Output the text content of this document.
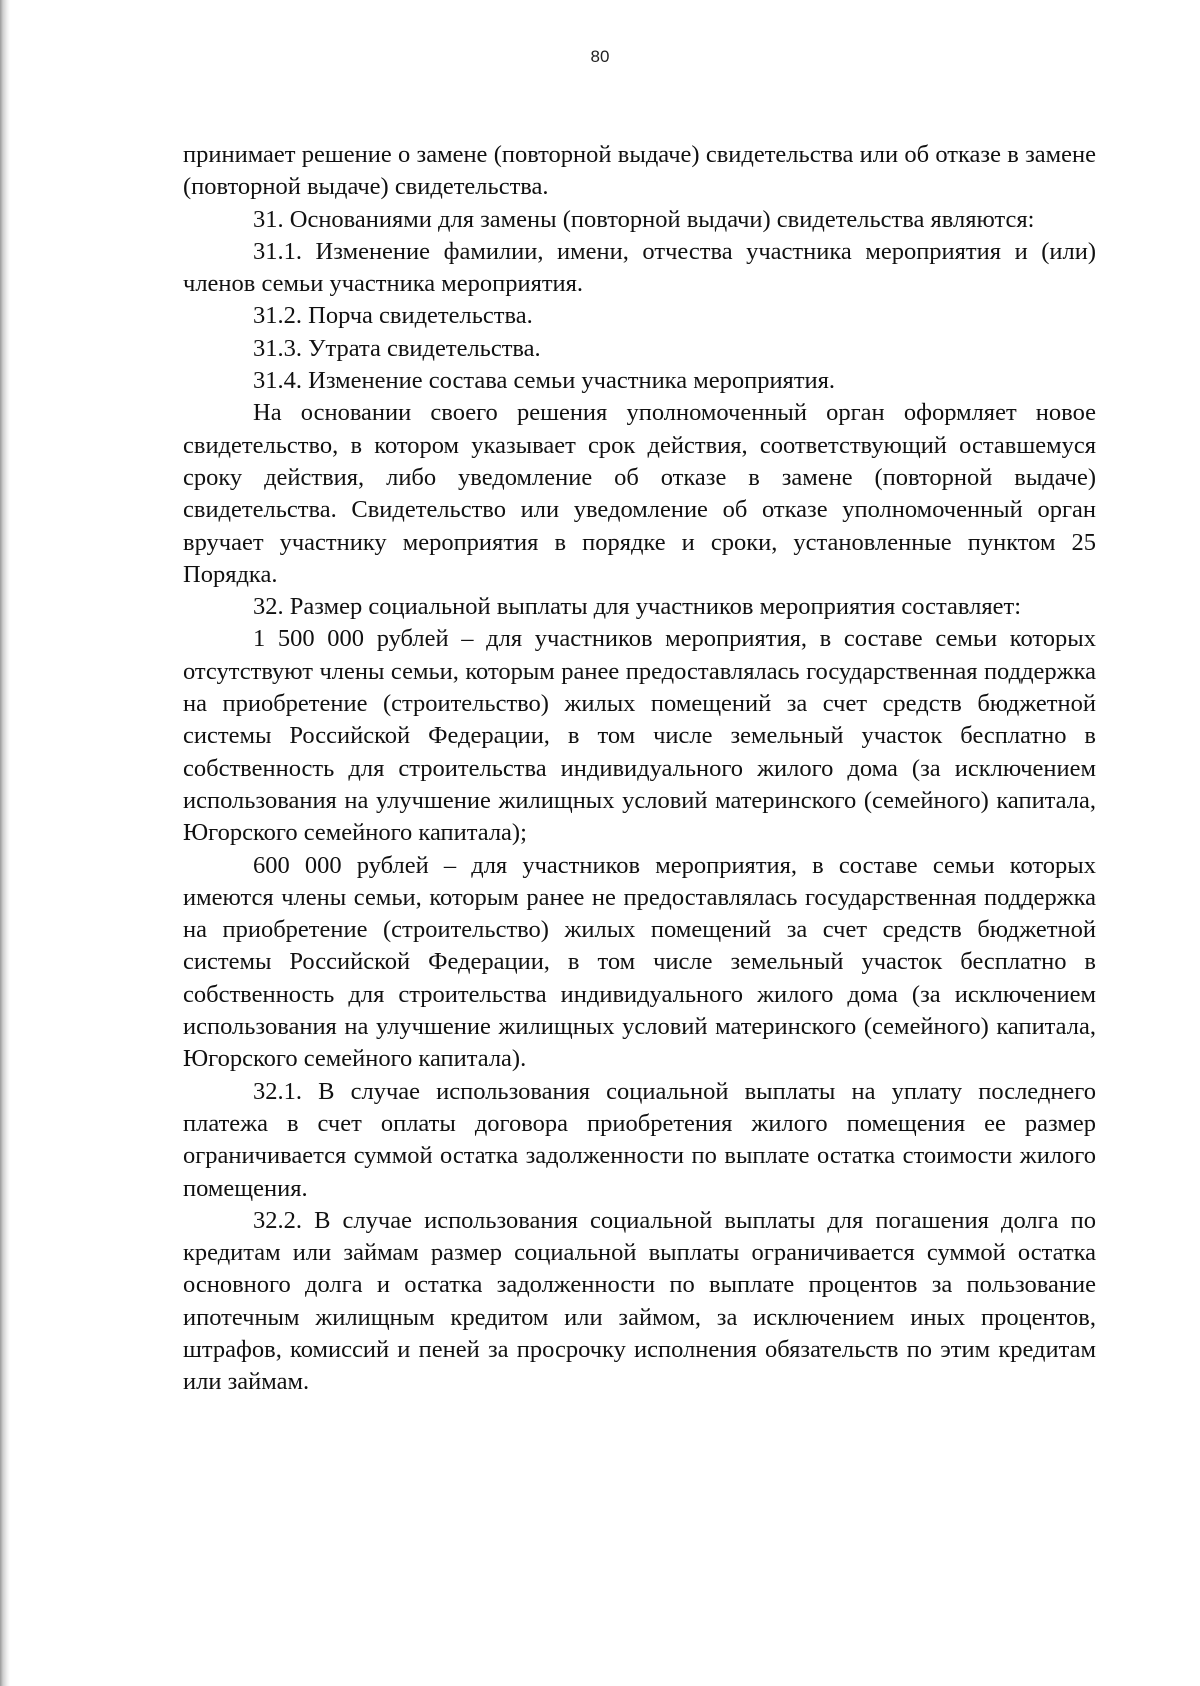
80

принимает решение о замене (повторной выдаче) свидетельства или об отказе в замене (повторной выдаче) свидетельства.

31. Основаниями для замены (повторной выдачи) свидетельства являются:

31.1. Изменение фамилии, имени, отчества участника мероприятия и (или) членов семьи участника мероприятия.

31.2. Порча свидетельства.

31.3. Утрата свидетельства.

31.4. Изменение состава семьи участника мероприятия.

На основании своего решения уполномоченный орган оформляет новое свидетельство, в котором указывает срок действия, соответствующий оставшемуся сроку действия, либо уведомление об отказе в замене (повторной выдаче) свидетельства. Свидетельство или уведомление об отказе уполномоченный орган вручает участнику мероприятия в порядке и сроки, установленные пунктом 25 Порядка.

32. Размер социальной выплаты для участников мероприятия составляет:

1 500 000 рублей – для участников мероприятия, в составе семьи которых отсутствуют члены семьи, которым ранее предоставлялась государственная поддержка на приобретение (строительство) жилых помещений за счет средств бюджетной системы Российской Федерации, в том числе земельный участок бесплатно в собственность для строительства индивидуального жилого дома (за исключением использования на улучшение жилищных условий материнского (семейного) капитала, Югорского семейного капитала);

600 000 рублей – для участников мероприятия, в составе семьи которых имеются члены семьи, которым ранее не предоставлялась государственная поддержка на приобретение (строительство) жилых помещений за счет средств бюджетной системы Российской Федерации, в том числе земельный участок бесплатно в собственность для строительства индивидуального жилого дома (за исключением использования на улучшение жилищных условий материнского (семейного) капитала, Югорского семейного капитала).

32.1. В случае использования социальной выплаты на уплату последнего платежа в счет оплаты договора приобретения жилого помещения ее размер ограничивается суммой остатка задолженности по выплате остатка стоимости жилого помещения.

32.2. В случае использования социальной выплаты для погашения долга по кредитам или займам размер социальной выплаты ограничивается суммой остатка основного долга и остатка задолженности по выплате процентов за пользование ипотечным жилищным кредитом или займом, за исключением иных процентов, штрафов, комиссий и пеней за просрочку исполнения обязательств по этим кредитам или займам.
